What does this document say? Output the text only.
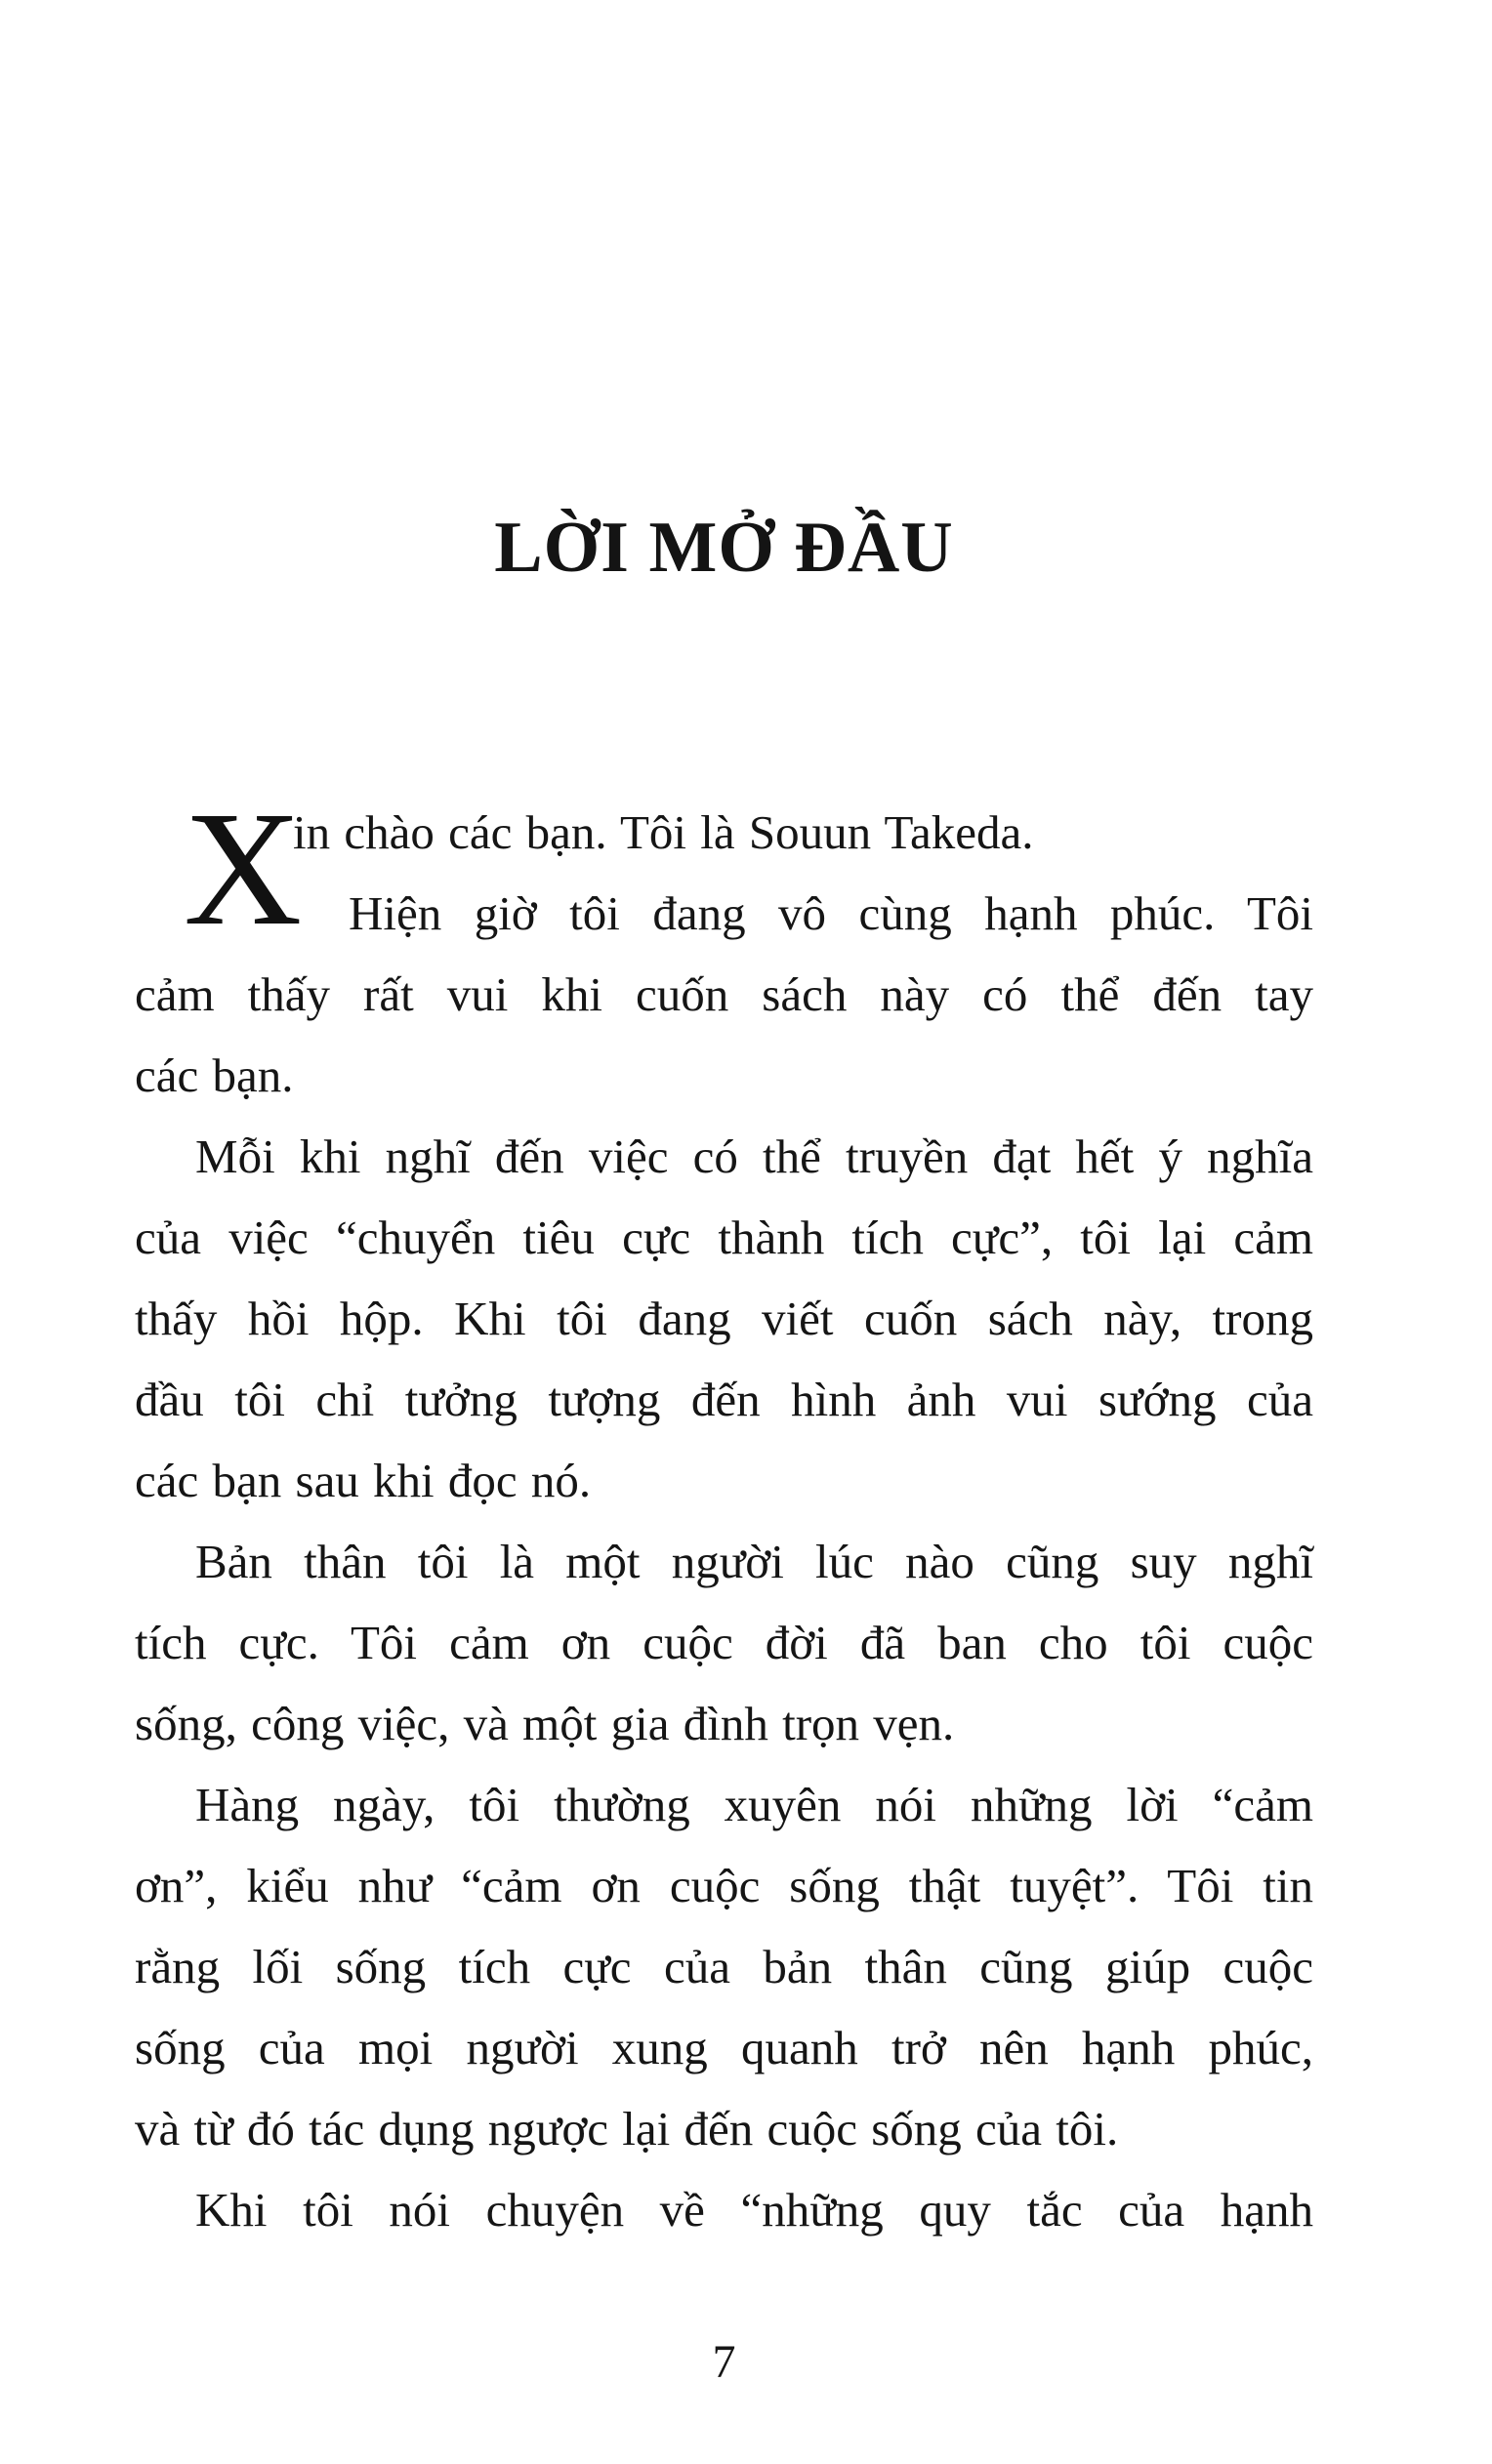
LỜI MỞ ĐẦU
X
in chào các bạn. Tôi là Souun Takeda.
Hiện giờ tôi đang vô cùng hạnh phúc. Tôi
cảm thấy rất vui khi cuốn sách này có thể đến tay
các bạn.
Mỗi khi nghĩ đến việc có thể truyền đạt hết ý nghĩa
của việc “chuyển tiêu cực thành tích cực”, tôi lại cảm
thấy hồi hộp. Khi tôi đang viết cuốn sách này, trong
đầu tôi chỉ tưởng tượng đến hình ảnh vui sướng của
các bạn sau khi đọc nó.
Bản thân tôi là một người lúc nào cũng suy nghĩ
tích cực. Tôi cảm ơn cuộc đời đã ban cho tôi cuộc
sống, công việc, và một gia đình trọn vẹn.
Hàng ngày, tôi thường xuyên nói những lời “cảm
ơn”, kiểu như “cảm ơn cuộc sống thật tuyệt”. Tôi tin
rằng lối sống tích cực của bản thân cũng giúp cuộc
sống của mọi người xung quanh trở nên hạnh phúc,
và từ đó tác dụng ngược lại đến cuộc sống của tôi.
Khi tôi nói chuyện về “những quy tắc của hạnh
7
